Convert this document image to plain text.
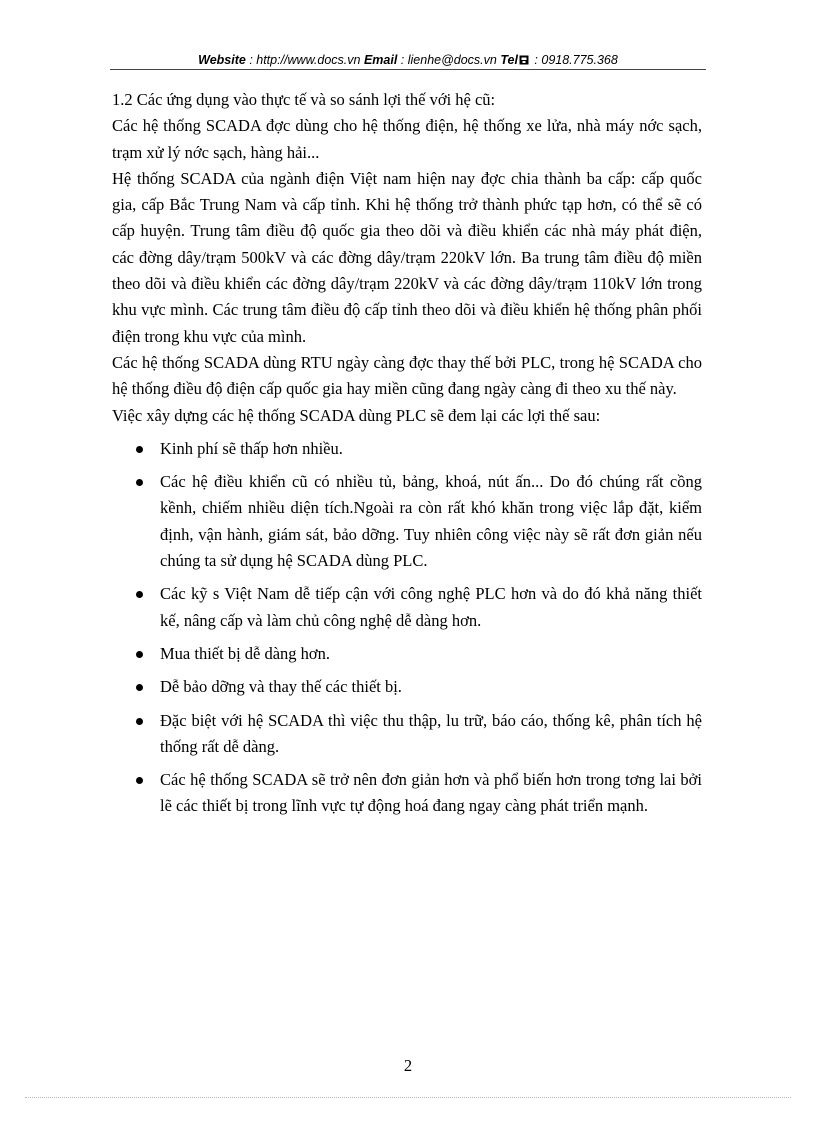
Website : http://www.docs.vn Email : lienhe@docs.vn Tel : 0918.775.368

1.2 Các ứng dụng vào thực tế và so sánh lợi thế với hệ cũ:

Các hệ thống SCADA đợc dùng cho hệ thống điện, hệ thống xe lửa, nhà máy nớc sạch, trạm xử lý nớc sạch, hàng hải...

Hệ thống SCADA của ngành điện Việt nam hiện nay đợc chia thành ba cấp: cấp quốc gia, cấp Bắc Trung Nam và cấp tỉnh. Khi hệ thống trở thành phức tạp hơn, có thể sẽ có cấp huyện. Trung tâm điều độ quốc gia theo dõi và điều khiển các nhà máy phát điện, các đờng dây/trạm 500kV và các đờng dây/trạm 220kV lớn. Ba trung tâm điều độ miền theo dõi và điều khiển các đờng dây/trạm 220kV và các đờng dây/trạm 110kV lớn trong khu vực mình. Các trung tâm điều độ cấp tỉnh theo dõi và điều khiển hệ thống phân phối điện trong khu vực của mình.

Các hệ thống SCADA dùng RTU ngày càng đợc thay thế bởi PLC, trong hệ SCADA cho hệ thống điều độ điện cấp quốc gia hay miền cũng đang ngày càng đi theo xu thế này.

Việc xây dựng các hệ thống SCADA dùng PLC sẽ đem lại các lợi thế sau:

Kinh phí sẽ thấp hơn nhiều.
Các hệ điều khiển cũ có nhiều tủ, bảng, khoá, nút ấn... Do đó chúng rất cồng kềnh, chiếm nhiều diện tích.Ngoài ra còn rất khó khăn trong việc lắp đặt, kiểm định, vận hành, giám sát, bảo dỡng. Tuy nhiên công việc này sẽ rất đơn giản nếu chúng ta sử dụng hệ SCADA dùng PLC.
Các kỹ s Việt Nam dễ tiếp cận với công nghệ PLC hơn và do đó khả năng thiết kế, nâng cấp và làm chủ công nghệ dễ dàng hơn.
Mua thiết bị dễ dàng hơn.
Dễ bảo dỡng và thay thế các thiết bị.
Đặc biệt với hệ SCADA thì việc thu thập, lu trữ, báo cáo, thống kê, phân tích hệ thống rất dễ dàng.
Các hệ thống SCADA sẽ trở nên đơn giản hơn và phổ biến hơn trong tơng lai bởi lẽ các thiết bị trong lĩnh vực tự động hoá đang ngay càng phát triển mạnh.
2
